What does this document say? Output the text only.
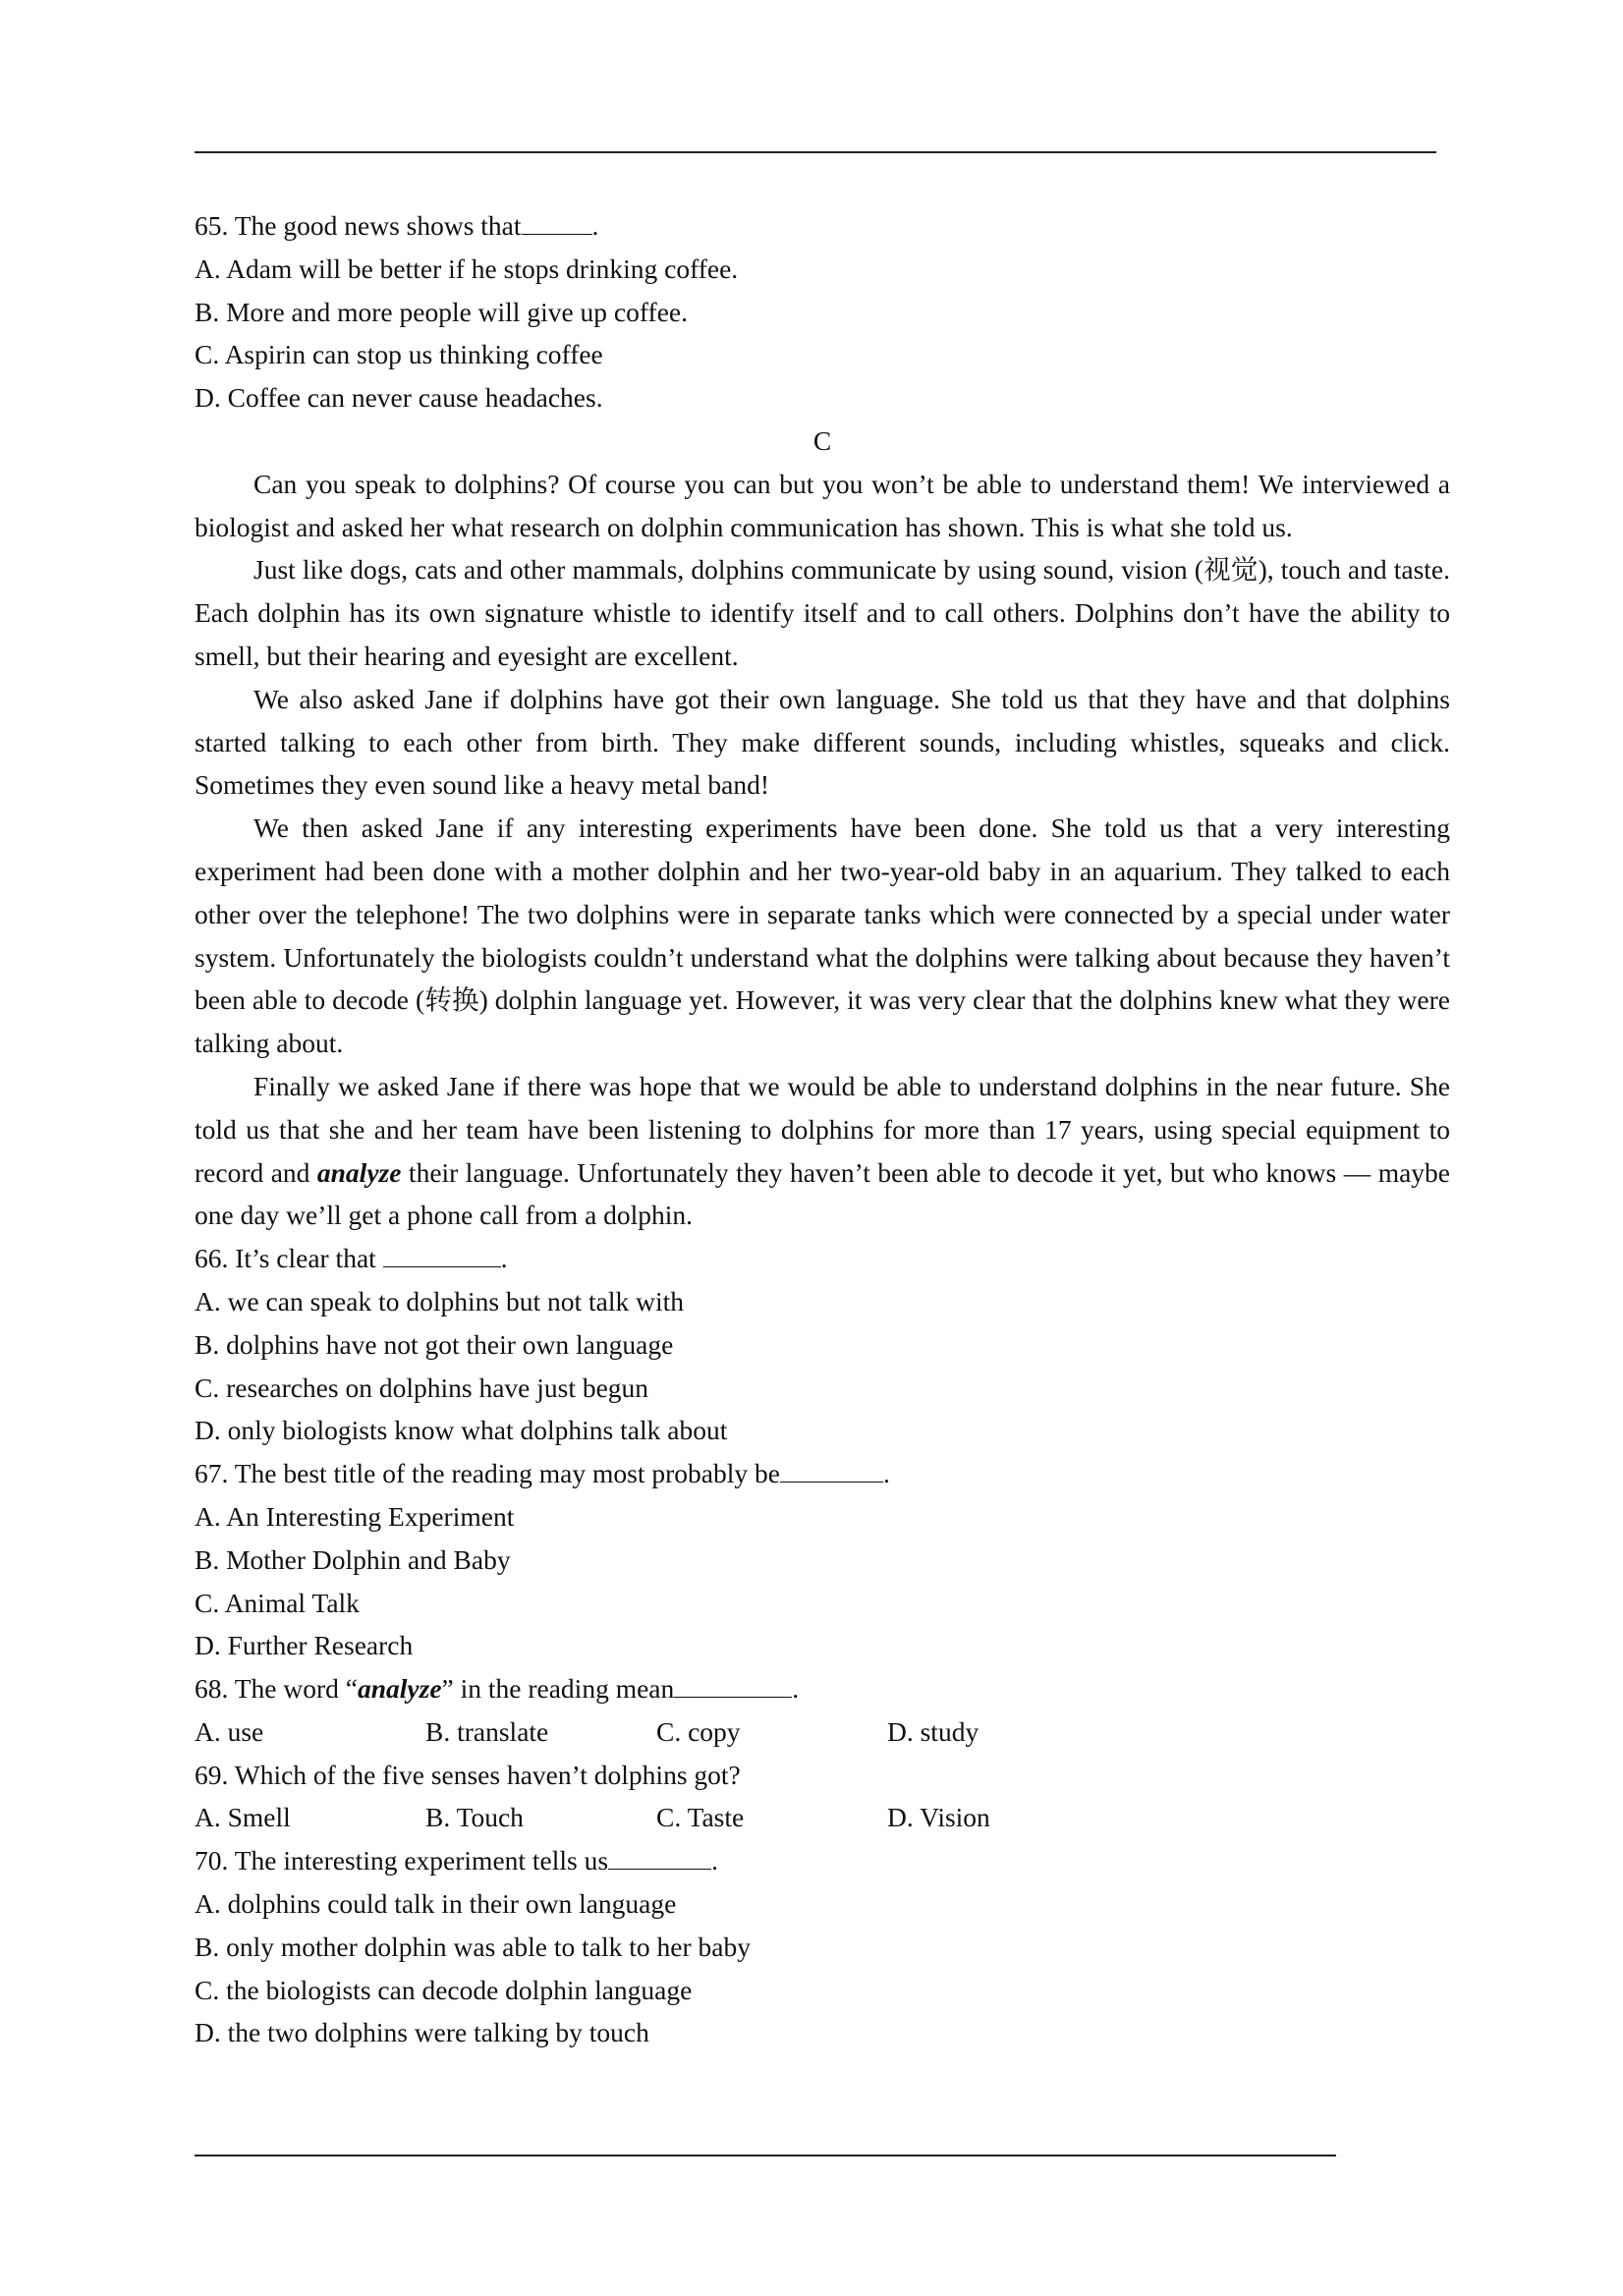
65. The good news shows that	.
A. Adam will be better if he stops drinking coffee.
B. More and more people will give up coffee.
C. Aspirin can stop us thinking coffee
D. Coffee can never cause headaches.
C
Can you speak to dolphins? Of course you can but you won’t be able to understand them! We interviewed a biologist and asked her what research on dolphin communication has shown. This is what she told us.
Just like dogs, cats and other mammals, dolphins communicate by using sound, vision (视觉), touch and taste. Each dolphin has its own signature whistle to identify itself and to call others. Dolphins don’t have the ability to smell, but their hearing and eyesight are excellent.
We also asked Jane if dolphins have got their own language. She told us that they have and that dolphins started talking to each other from birth. They make different sounds, including whistles, squeaks and click. Sometimes they even sound like a heavy metal band!
We then asked Jane if any interesting experiments have been done. She told us that a very interesting experiment had been done with a mother dolphin and her two-year-old baby in an aquarium. They talked to each other over the telephone! The two dolphins were in separate tanks which were connected by a special under water system. Unfortunately the biologists couldn’t understand what the dolphins were talking about because they haven’t been able to decode (转换) dolphin language yet. However, it was very clear that the dolphins knew what they were talking about.
Finally we asked Jane if there was hope that we would be able to understand dolphins in the near future. She told us that she and her team have been listening to dolphins for more than 17 years, using special equipment to record and analyze their language. Unfortunately they haven’t been able to decode it yet, but who knows — maybe one day we’ll get a phone call from a dolphin.
66. It’s clear that	.
A. we can speak to dolphins but not talk with
B. dolphins have not got their own language
C. researches on dolphins have just begun
D. only biologists know what dolphins talk about
67. The best title of the reading may most probably be	.
A. An Interesting Experiment
B. Mother Dolphin and Baby
C. Animal Talk
D. Further Research
68. The word “analyze” in the reading mean	.
A. use	B. translate	C. copy	D. study
69. Which of the five senses haven’t dolphins got?
A. Smell	B. Touch	C. Taste	D. Vision
70. The interesting experiment tells us	.
A. dolphins could talk in their own language
B. only mother dolphin was able to talk to her baby
C. the biologists can decode dolphin language
D. the two dolphins were talking by touch
